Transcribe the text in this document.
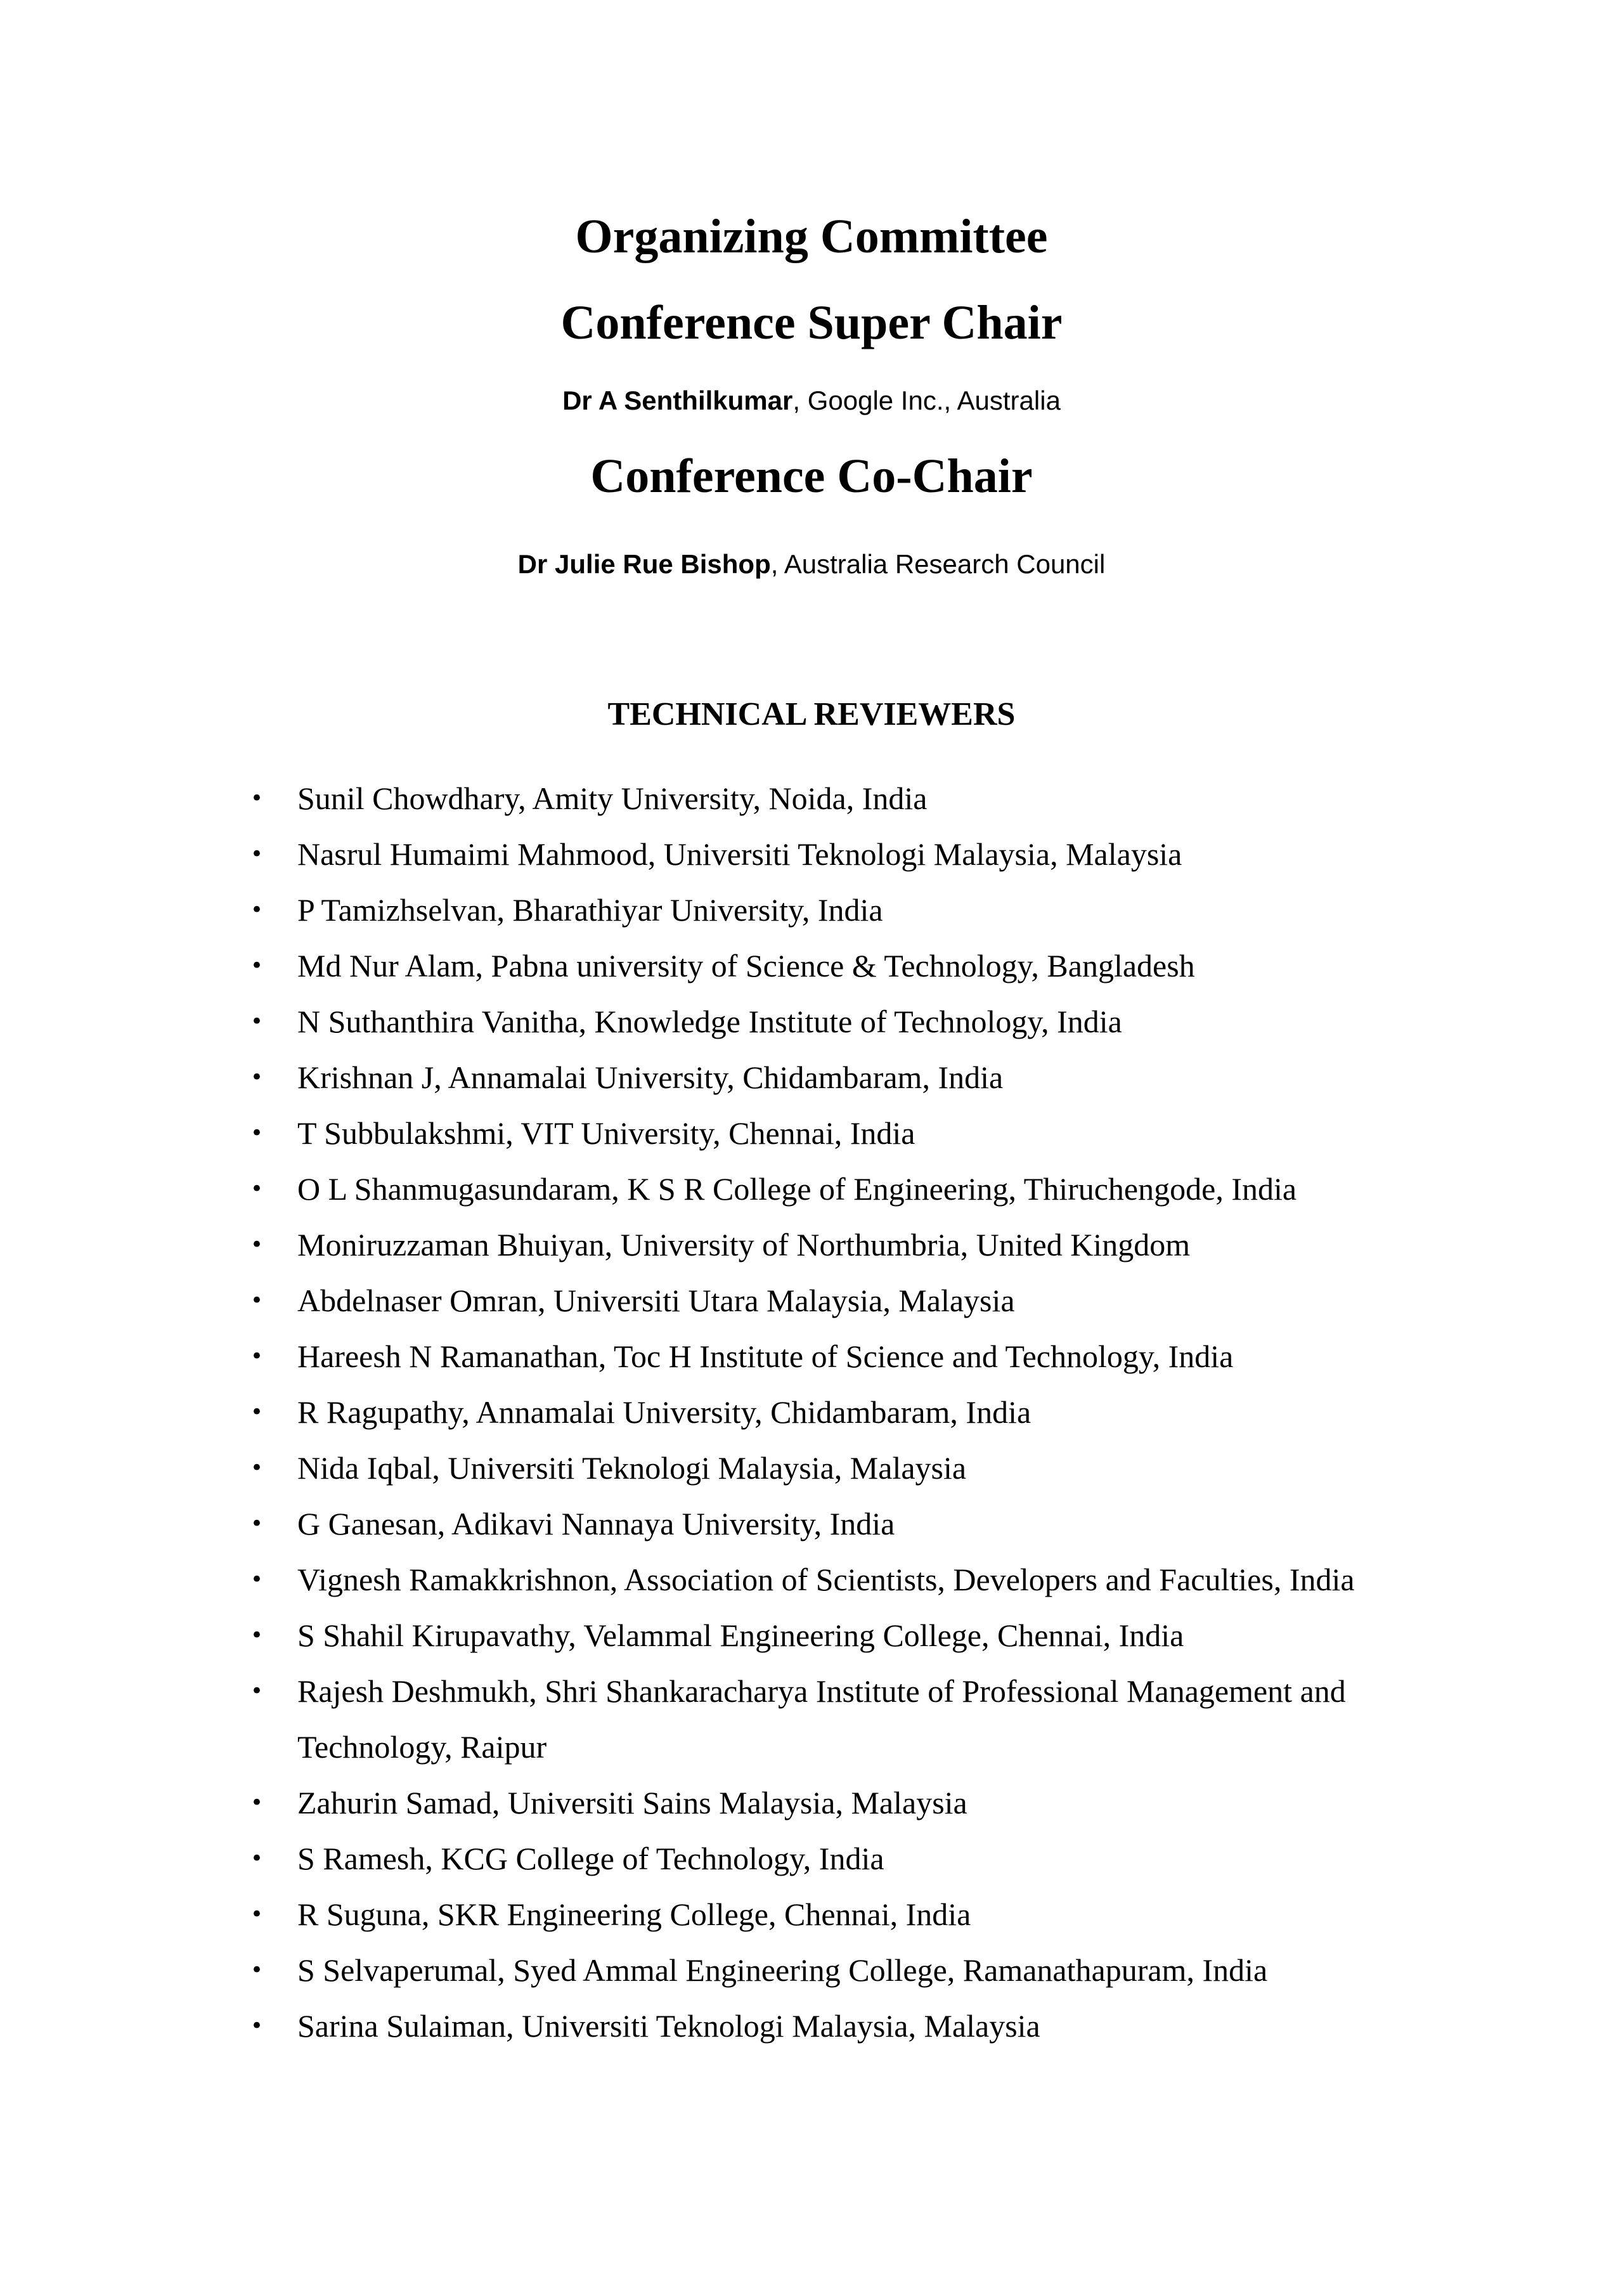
Organizing Committee
Conference Super Chair

Dr A Senthilkumar, Google Inc., Australia

Conference Co-Chair

Dr Julie Rue Bishop, Australia Research Council

TECHNICAL REVIEWERS
•	Sunil Chowdhary, Amity University, Noida, India
•	Nasrul Humaimi Mahmood, Universiti Teknologi Malaysia, Malaysia
•	P Tamizhselvan, Bharathiyar University, India
•	Md Nur Alam, Pabna university of Science & Technology, Bangladesh
•	N Suthanthira Vanitha, Knowledge Institute of Technology, India
•	Krishnan J, Annamalai University, Chidambaram, India
•	T Subbulakshmi, VIT University, Chennai, India
•	O L Shanmugasundaram, K S R College of Engineering, Thiruchengode, India
•	Moniruzzaman Bhuiyan, University of Northumbria, United Kingdom
•	Abdelnaser Omran, Universiti Utara Malaysia, Malaysia
•	Hareesh N Ramanathan, Toc H Institute of Science and Technology, India
•	R Ragupathy, Annamalai University, Chidambaram, India
•	Nida Iqbal, Universiti Teknologi Malaysia, Malaysia
•	G Ganesan, Adikavi Nannaya University, India
•	Vignesh Ramakkrishnon, Association of Scientists, Developers and Faculties, India
•	S Shahil Kirupavathy, Velammal Engineering College, Chennai, India
•	Rajesh Deshmukh, Shri Shankaracharya Institute of Professional Management and Technology, Raipur
•	Zahurin Samad, Universiti Sains Malaysia, Malaysia
•	S Ramesh, KCG College of Technology, India
•	R Suguna, SKR Engineering College, Chennai, India
•	S Selvaperumal, Syed Ammal Engineering College, Ramanathapuram, India
•	Sarina Sulaiman, Universiti Teknologi Malaysia, Malaysia
